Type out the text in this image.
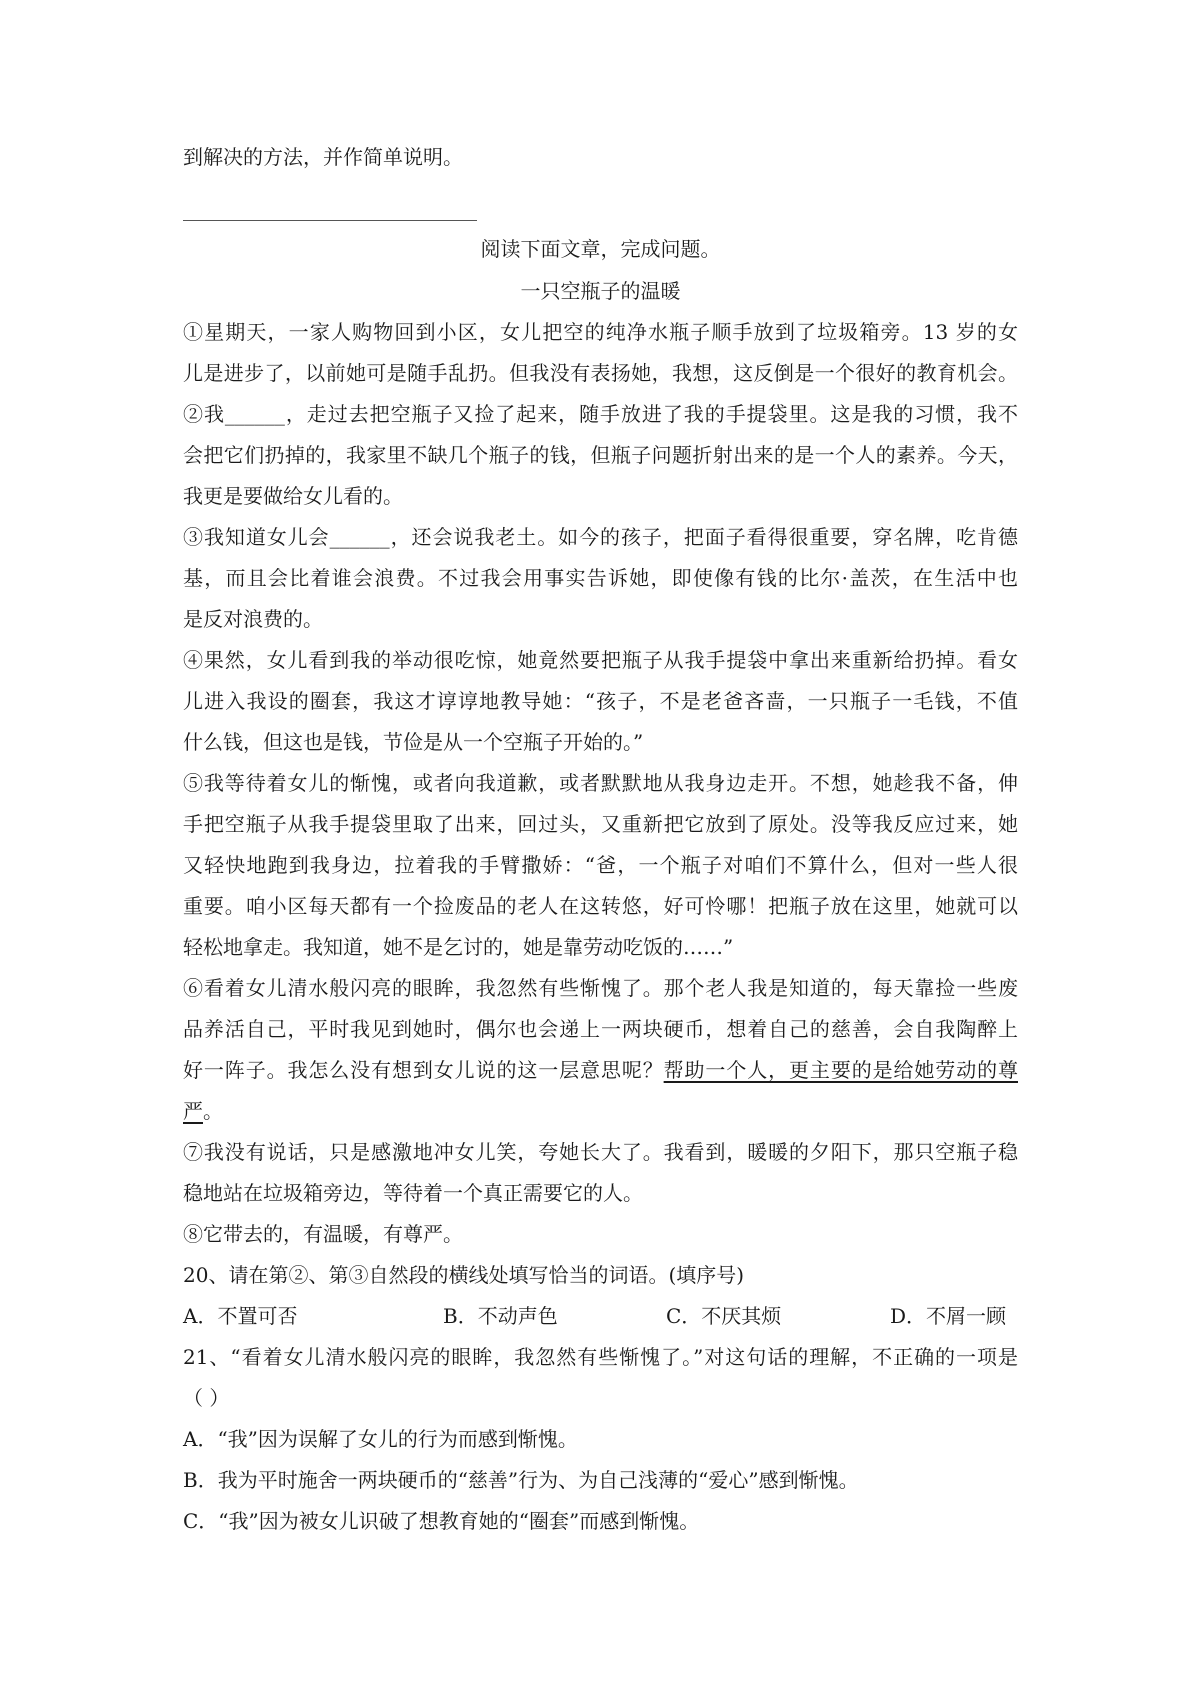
到解决的方法，并作简单说明。
阅读下面文章，完成问题。
一只空瓶子的温暖
①星期天，一家人购物回到小区，女儿把空的纯净水瓶子顺手放到了垃圾箱旁。13 岁的女
儿是进步了，以前她可是随手乱扔。但我没有表扬她，我想，这反倒是一个很好的教育机会。
②我______，走过去把空瓶子又捡了起来，随手放进了我的手提袋里。这是我的习惯，我不
会把它们扔掉的，我家里不缺几个瓶子的钱，但瓶子问题折射出来的是一个人的素养。今天，
我更是要做给女儿看的。
③我知道女儿会______，还会说我老土。如今的孩子，把面子看得很重要，穿名牌，吃肯德
基，而且会比着谁会浪费。不过我会用事实告诉她，即使像有钱的比尔·盖茨，在生活中也
是反对浪费的。
④果然，女儿看到我的举动很吃惊，她竟然要把瓶子从我手提袋中拿出来重新给扔掉。看女
儿进入我设的圈套，我这才谆谆地教导她：“孩子，不是老爸吝啬，一只瓶子一毛钱，不值
什么钱，但这也是钱，节俭是从一个空瓶子开始的。”
⑤我等待着女儿的惭愧，或者向我道歉，或者默默地从我身边走开。不想，她趁我不备，伸
手把空瓶子从我手提袋里取了出来，回过头，又重新把它放到了原处。没等我反应过来，她
又轻快地跑到我身边，拉着我的手臂撒娇：“爸，一个瓶子对咱们不算什么，但对一些人很
重要。咱小区每天都有一个捡废品的老人在这转悠，好可怜哪！把瓶子放在这里，她就可以
轻松地拿走。我知道，她不是乞讨的，她是靠劳动吃饭的……”
⑥看着女儿清水般闪亮的眼眸，我忽然有些惭愧了。那个老人我是知道的，每天靠捡一些废
品养活自己，平时我见到她时，偶尔也会递上一两块硬币，想着自己的慈善，会自我陶醉上
好一阵子。我怎么没有想到女儿说的这一层意思呢？帮助一个人，更主要的是给她劳动的尊
严。
⑦我没有说话，只是感激地冲女儿笑，夸她长大了。我看到，暖暖的夕阳下，那只空瓶子稳
稳地站在垃圾箱旁边，等待着一个真正需要它的人。
⑧它带去的，有温暖，有尊严。
20、请在第②、第③自然段的横线处填写恰当的词语。(填序号)
A．不置可否	B．不动声色	C．不厌其烦	D．不屑一顾
21、“看着女儿清水般闪亮的眼眸，我忽然有些惭愧了。”对这句话的理解，不正确的一项是
（ ）
A．“我”因为误解了女儿的行为而感到惭愧。
B．我为平时施舍一两块硬币的“慈善”行为、为自己浅薄的“爱心”感到惭愧。
C．“我”因为被女儿识破了想教育她的“圈套”而感到惭愧。
